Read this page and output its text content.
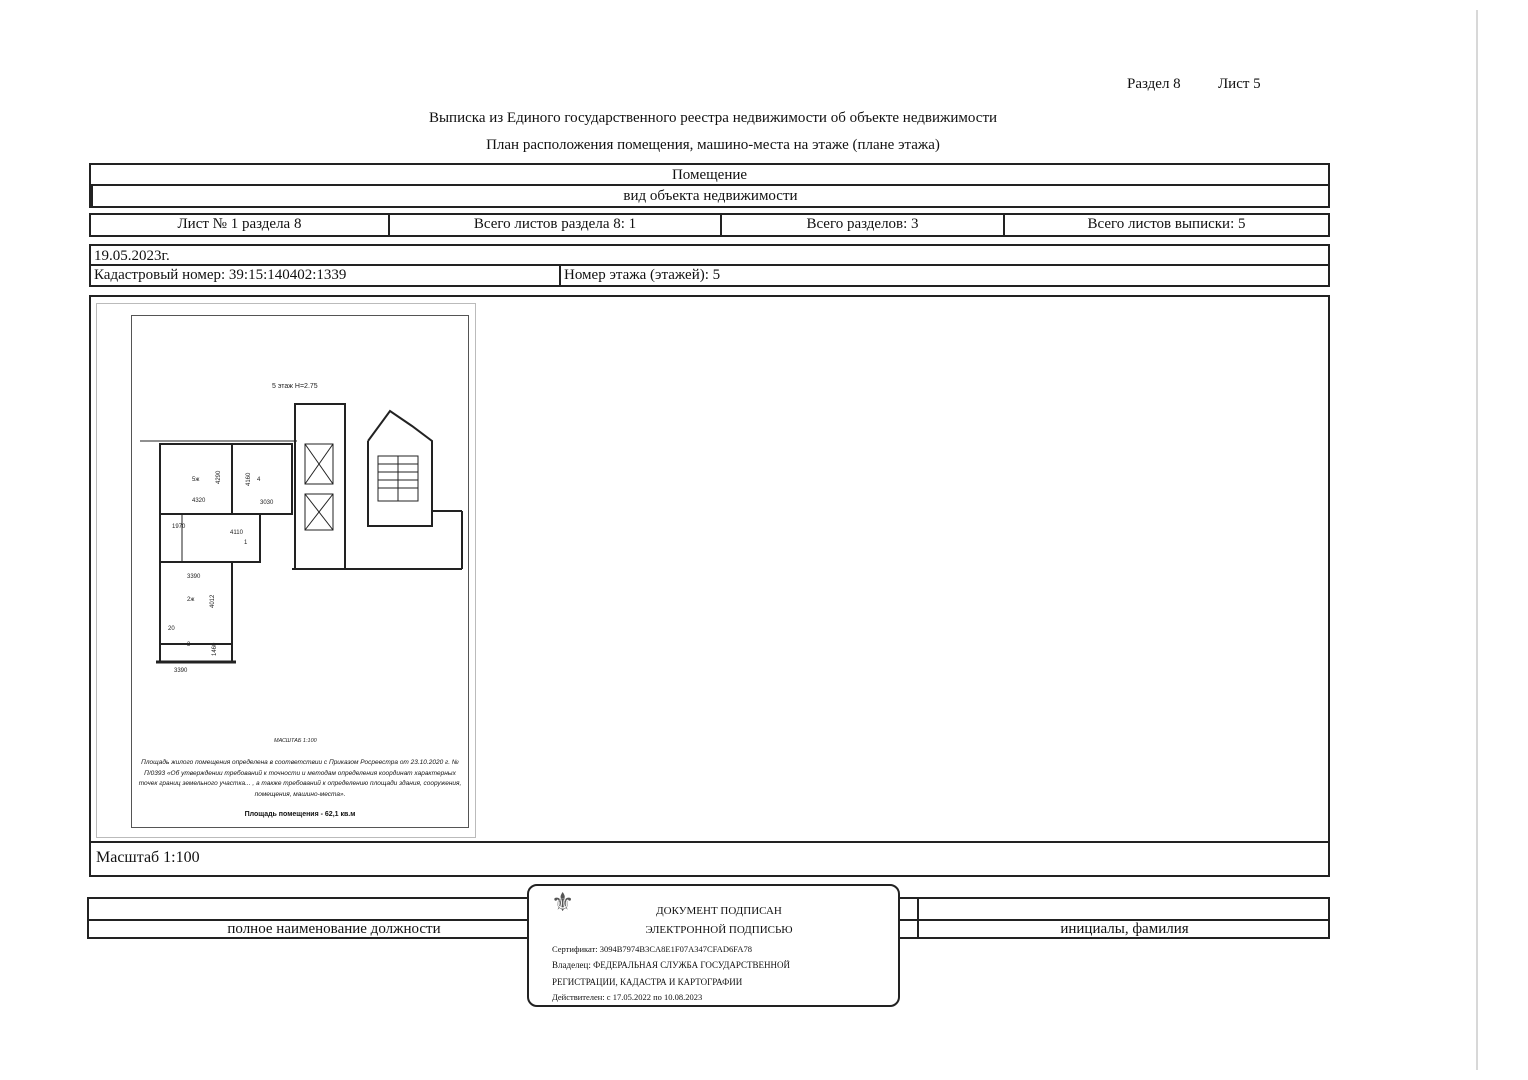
Раздел 8 Лист 5
Выписка из Единого государственного реестра недвижимости об объекте недвижимости
План расположения помещения, машино-места на этаже (плане этажа)
Помещение
вид объекта недвижимости
Лист № 1 раздела 8	Всего листов раздела 8: 1	Всего разделов: 3	Всего листов выписки: 5
19.05.2023г.
Кадастровый номер: 39:15:140402:1339	Номер этажа (этажей): 5
Масштаб 1:100
5 этаж Н=2.75
4320	3030
4290	4160
3390
4012
3390
20
4110
1970
1460
5ж	4
2ж
3
1
МАСШТАБ 1:100
Площадь жилого помещения определена в соответствии с Приказом Росреестра от 23.10.2020 г. № П/0393 «Об утверждении требований к точности и методам определения координат характерных точек границ земельного участка... , а также требований к определению площади здания, сооружения, помещения, машино-места».
Площадь помещения - 62,1 кв.м
полное наименование должности	инициалы, фамилия
⚜	ДОКУМЕНТ ПОДПИСАН
ЭЛЕКТРОННОЙ ПОДПИСЬЮ
Сертификат: 3094B7974B3CA8E1F07A347CFAD6FA78
Владелец: ФЕДЕРАЛЬНАЯ СЛУЖБА ГОСУДАРСТВЕННОЙ
РЕГИСТРАЦИИ, КАДАСТРА И КАРТОГРАФИИ
Действителен: с 17.05.2022 по 10.08.2023
